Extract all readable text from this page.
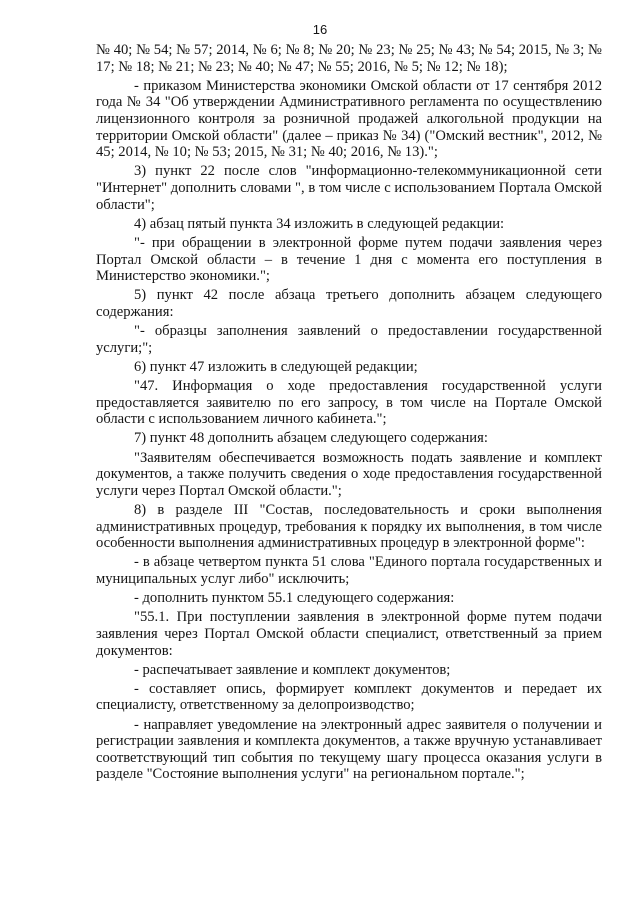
16

№ 40; № 54; № 57; 2014, № 6; № 8; № 20; № 23; № 25; № 43; № 54; 2015, № 3; № 17; № 18; № 21; № 23; № 40; № 47; № 55; 2016, № 5; № 12; № 18);

- приказом Министерства экономики Омской области от 17 сентября 2012 года № 34 "Об утверждении Административного регламента по осуществлению лицензионного контроля за розничной продажей алкогольной продукции на территории Омской области" (далее – приказ № 34) ("Омский вестник", 2012, № 45; 2014, № 10; № 53; 2015, № 31; № 40; 2016, № 13).";

3) пункт 22 после слов "информационно-телекоммуникационной сети "Интернет" дополнить словами ", в том числе с использованием Портала Омской области";

4) абзац пятый пункта 34 изложить в следующей редакции:

"- при обращении в электронной форме путем подачи заявления через Портал Омской области – в течение 1 дня с момента его поступления в Министерство экономики.";

5) пункт 42 после абзаца третьего дополнить абзацем следующего содержания:

"- образцы заполнения заявлений о предоставлении государственной услуги;";

6) пункт 47 изложить в следующей редакции;

"47. Информация о ходе предоставления государственной услуги предоставляется заявителю по его запросу, в том числе на Портале Омской области с использованием личного кабинета.";

7) пункт 48 дополнить абзацем следующего содержания:

"Заявителям обеспечивается возможность подать заявление и комплект документов, а также получить сведения о ходе предоставления государственной услуги через Портал Омской области.";

8) в разделе III "Состав, последовательность и сроки выполнения административных процедур, требования к порядку их выполнения, в том числе особенности выполнения административных процедур в электронной форме":

- в абзаце четвертом пункта 51 слова "Единого портала государственных и муниципальных услуг либо" исключить;

- дополнить пунктом 55.1 следующего содержания:

"55.1. При поступлении заявления в электронной форме путем подачи заявления через Портал Омской области специалист, ответственный за прием документов:

- распечатывает заявление и комплект документов;

- составляет опись, формирует комплект документов и передает их специалисту, ответственному за делопроизводство;

- направляет уведомление на электронный адрес заявителя о получении и регистрации заявления и комплекта документов, а также вручную устанавливает соответствующий тип события по текущему шагу процесса оказания услуги в разделе "Состояние выполнения услуги" на региональном портале.";
